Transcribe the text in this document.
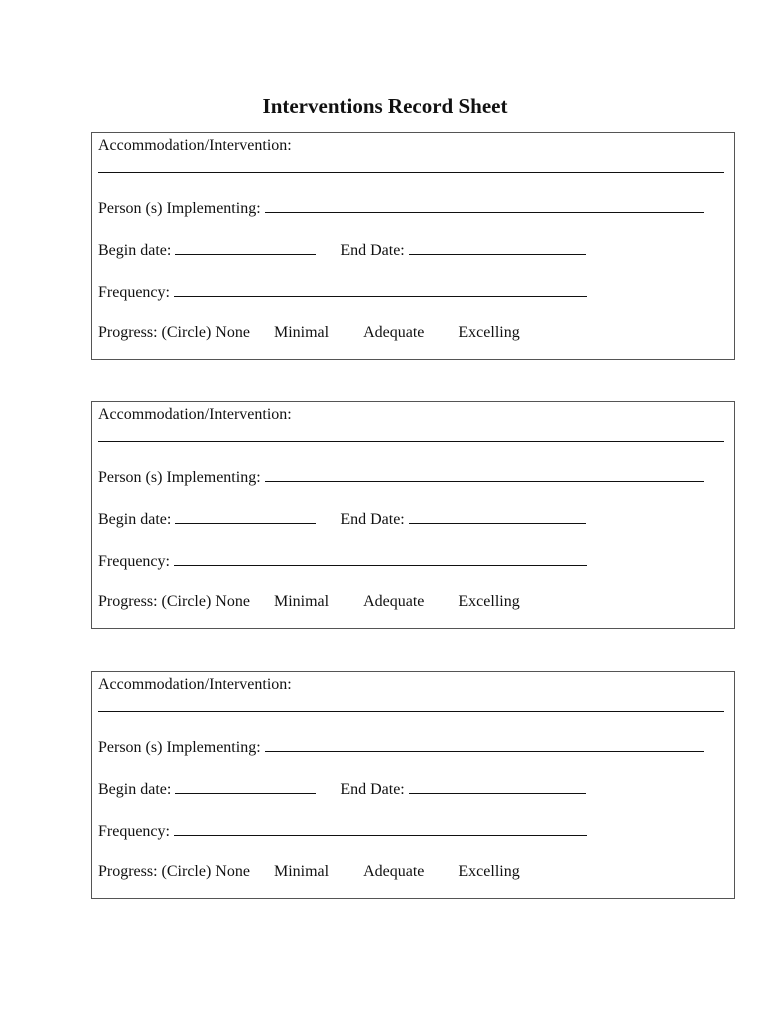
Interventions Record Sheet
Accommodation/Intervention:
Person (s) Implementing:
Begin date:	End Date:
Frequency:
Progress: (Circle) None Minimal Adequate Excelling
Accommodation/Intervention:
Person (s) Implementing:
Begin date:	End Date:
Frequency:
Progress: (Circle) None Minimal Adequate Excelling
Accommodation/Intervention:
Person (s) Implementing:
Begin date:	End Date:
Frequency:
Progress: (Circle) None Minimal Adequate Excelling
